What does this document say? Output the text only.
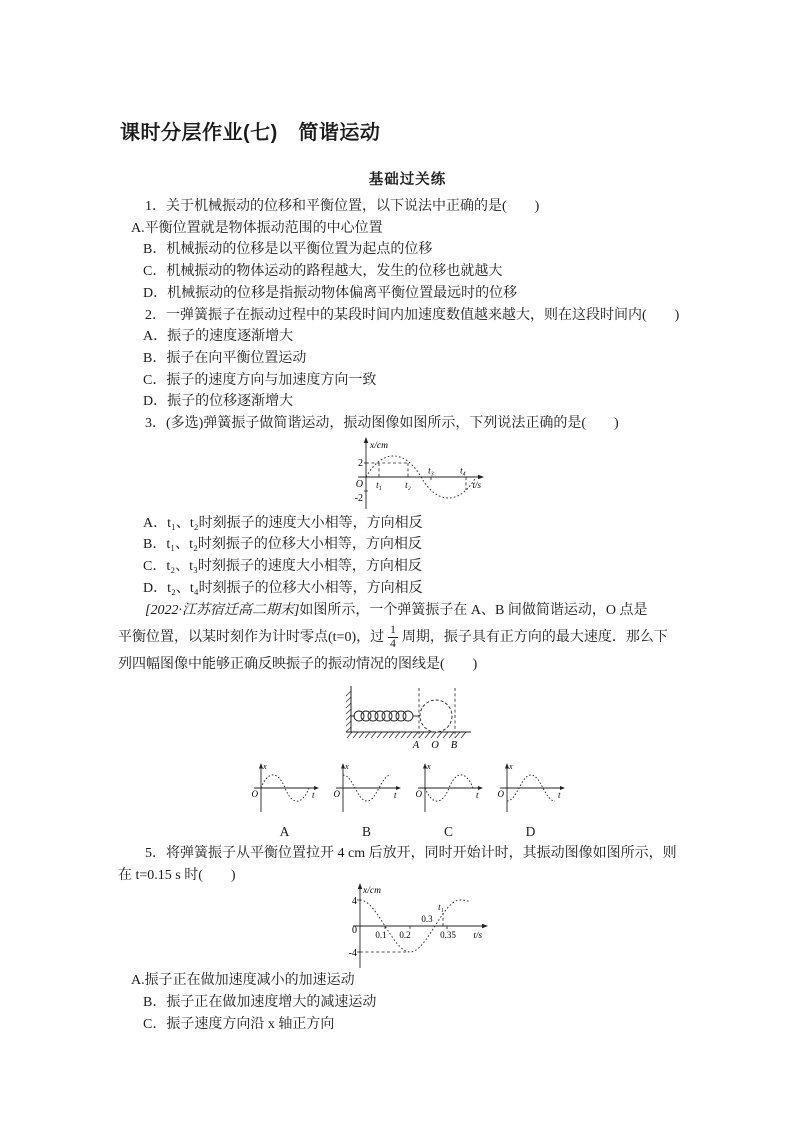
课时分层作业(七)　简谐运动
基础过关练
1．关于机械振动的位移和平衡位置，以下说法中正确的是(　　)
A.平衡位置就是物体振动范围的中心位置
B．机械振动的位移是以平衡位置为起点的位移
C．机械振动的物体运动的路程越大，发生的位移也就越大
D．机械振动的位移是指振动物体偏离平衡位置最远时的位移
2．一弹簧振子在振动过程中的某段时间内加速度数值越来越大，则在这段时间内(　　)
A．振子的速度逐渐增大
B．振子在向平衡位置运动
C．振子的速度方向与加速度方向一致
D．振子的位移逐渐增大
3．(多选)弹簧振子做简谐运动，振动图像如图所示，下列说法正确的是(　　)
x/cm
2
O
-2
t₁	t₂
t₃	t₄
t/s
A．t₁、t₂时刻振子的速度大小相等，方向相反
B．t₁、t₂时刻振子的位移大小相等，方向相反
C．t₂、t₃时刻振子的速度大小相等，方向相反
D．t₂、t₄时刻振子的位移大小相等，方向相反
[2022·江苏宿迁高二期末]如图所示，一个弹簧振子在 A、B 间做简谐运动，O 点是
平衡位置，以某时刻作为计时零点(t=0)，过 $\frac{1}{4}$ 周期，振子具有正方向的最大速度．那么下
列四幅图像中能够正确反映振子的振动情况的图线是(　　)
A O B
x
O	t
A
x
O	t
B
x
O	t
C
x
O	t
D
5．将弹簧振子从平衡位置拉开 4 cm 后放开，同时开始计时，其振动图像如图所示，则
在 t=0.15 s 时(　　)
x/cm
4
0
-4
0.1 0.2
0.3
0.35
t₁
t/s
A.振子正在做加速度减小的加速运动
B．振子正在做加速度增大的减速运动
C．振子速度方向沿 x 轴正方向
